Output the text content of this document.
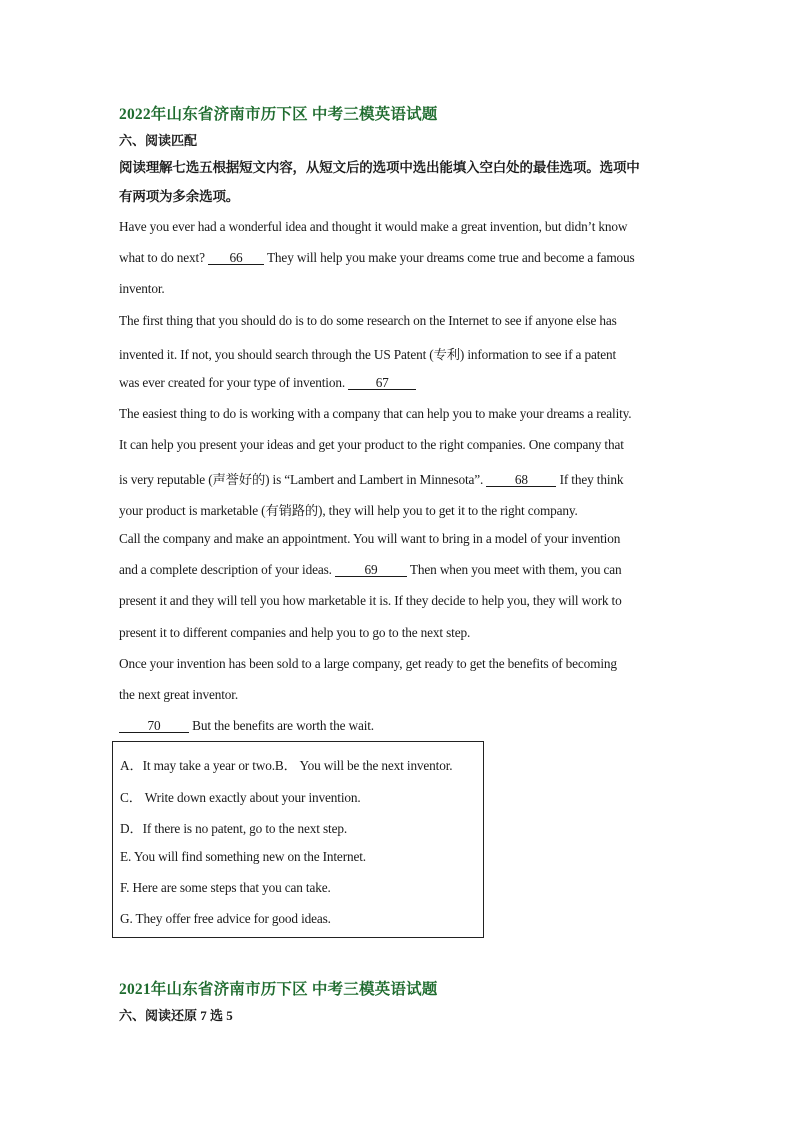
2022年山东省济南市历下区 中考三模英语试题
六、阅读匹配
阅读理解七选五根据短文内容，从短文后的选项中选出能填入空白处的最佳选项。选项中
有两项为多余选项。
Have you ever had a wonderful idea and thought it would make a great invention, but didn’t know
what to do next? 66 They will help you make your dreams come true and become a famous
inventor.
The first thing that you should do is to do some research on the Internet to see if anyone else has
invented it. If not, you should search through the US Patent (专利) information to see if a patent
was ever created for your type of invention. 67
The easiest thing to do is working with a company that can help you to make your dreams a reality.
It can help you present your ideas and get your product to the right companies. One company that
is very reputable (声誉好的) is “Lambert and Lambert in Minnesota”. 68 If they think
your product is marketable (有销路的), they will help you to get it to the right company.
Call the company and make an appointment. You will want to bring in a model of your invention
and a complete description of your ideas. 69 Then when you meet with them, you can
present it and they will tell you how marketable it is. If they decide to help you, they will work to
present it to different companies and help you to go to the next step.
Once your invention has been sold to a large company, get ready to get the benefits of becoming
the next great inventor.
70 But the benefits are worth the wait.
A．It may take a year or two.B． You will be the next inventor.
C． Write down exactly about your invention.
D．If there is no patent, go to the next step.
E. You will find something new on the Internet.
F. Here are some steps that you can take.
G. They offer free advice for good ideas.
2021年山东省济南市历下区 中考三模英语试题
六、阅读还原 7 选 5
